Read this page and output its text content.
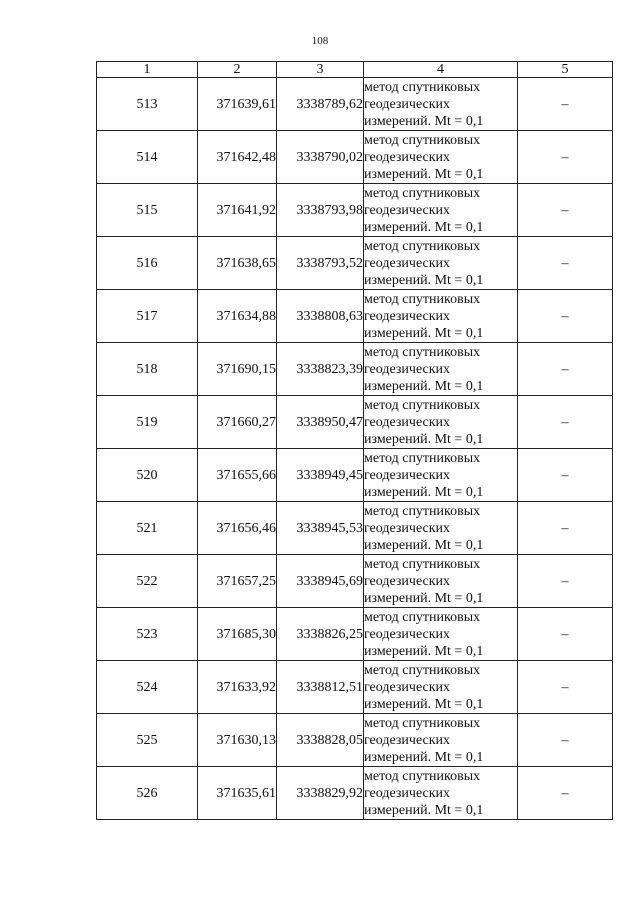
108
1	2	3	4	5
513	371639,61	3338789,62	метод спутниковых
геодезических
измерений. Mt = 0,1	–
514	371642,48	3338790,02	метод спутниковых
геодезических
измерений. Mt = 0,1	–
515	371641,92	3338793,98	метод спутниковых
геодезических
измерений. Mt = 0,1	–
516	371638,65	3338793,52	метод спутниковых
геодезических
измерений. Mt = 0,1	–
517	371634,88	3338808,63	метод спутниковых
геодезических
измерений. Mt = 0,1	–
518	371690,15	3338823,39	метод спутниковых
геодезических
измерений. Mt = 0,1	–
519	371660,27	3338950,47	метод спутниковых
геодезических
измерений. Mt = 0,1	–
520	371655,66	3338949,45	метод спутниковых
геодезических
измерений. Mt = 0,1	–
521	371656,46	3338945,53	метод спутниковых
геодезических
измерений. Mt = 0,1	–
522	371657,25	3338945,69	метод спутниковых
геодезических
измерений. Mt = 0,1	–
523	371685,30	3338826,25	метод спутниковых
геодезических
измерений. Mt = 0,1	–
524	371633,92	3338812,51	метод спутниковых
геодезических
измерений. Mt = 0,1	–
525	371630,13	3338828,05	метод спутниковых
геодезических
измерений. Mt = 0,1	–
526	371635,61	3338829,92	метод спутниковых
геодезических
измерений. Mt = 0,1	–
